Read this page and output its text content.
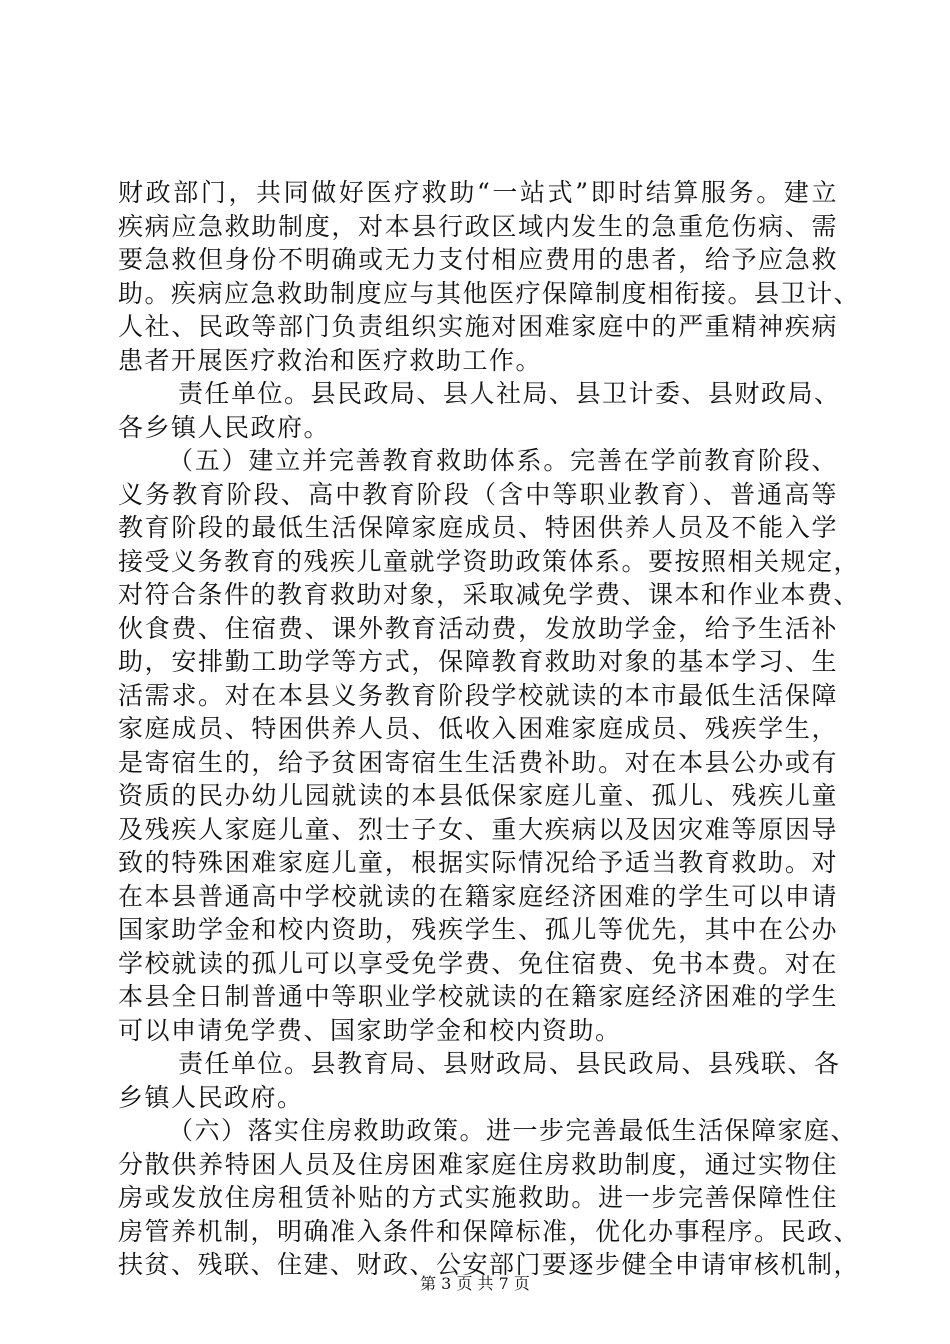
财政部门，共同做好医疗救助“一站式”即时结算服务。建立
疾病应急救助制度，对本县行政区域内发生的急重危伤病、需
要急救但身份不明确或无力支付相应费用的患者，给予应急救
助。疾病应急救助制度应与其他医疗保障制度相衔接。县卫计、
人社、民政等部门负责组织实施对困难家庭中的严重精神疾病
患者开展医疗救治和医疗救助工作。
责任单位。县民政局、县人社局、县卫计委、县财政局、
各乡镇人民政府。
（五）建立并完善教育救助体系。完善在学前教育阶段、
义务教育阶段、高中教育阶段（含中等职业教育）、普通高等
教育阶段的最低生活保障家庭成员、特困供养人员及不能入学
接受义务教育的残疾儿童就学资助政策体系。要按照相关规定，
对符合条件的教育救助对象，采取减免学费、课本和作业本费、
伙食费、住宿费、课外教育活动费，发放助学金，给予生活补
助，安排勤工助学等方式，保障教育救助对象的基本学习、生
活需求。对在本县义务教育阶段学校就读的本市最低生活保障
家庭成员、特困供养人员、低收入困难家庭成员、残疾学生，
是寄宿生的，给予贫困寄宿生生活费补助。对在本县公办或有
资质的民办幼儿园就读的本县低保家庭儿童、孤儿、残疾儿童
及残疾人家庭儿童、烈士子女、重大疾病以及因灾难等原因导
致的特殊困难家庭儿童，根据实际情况给予适当教育救助。对
在本县普通高中学校就读的在籍家庭经济困难的学生可以申请
国家助学金和校内资助，残疾学生、孤儿等优先，其中在公办
学校就读的孤儿可以享受免学费、免住宿费、免书本费。对在
本县全日制普通中等职业学校就读的在籍家庭经济困难的学生
可以申请免学费、国家助学金和校内资助。
责任单位。县教育局、县财政局、县民政局、县残联、各
乡镇人民政府。
（六）落实住房救助政策。进一步完善最低生活保障家庭、
分散供养特困人员及住房困难家庭住房救助制度，通过实物住
房或发放住房租赁补贴的方式实施救助。进一步完善保障性住
房管养机制，明确准入条件和保障标准，优化办事程序。民政、
扶贫、残联、住建、财政、公安部门要逐步健全申请审核机制，
第 3 页 共 7 页
